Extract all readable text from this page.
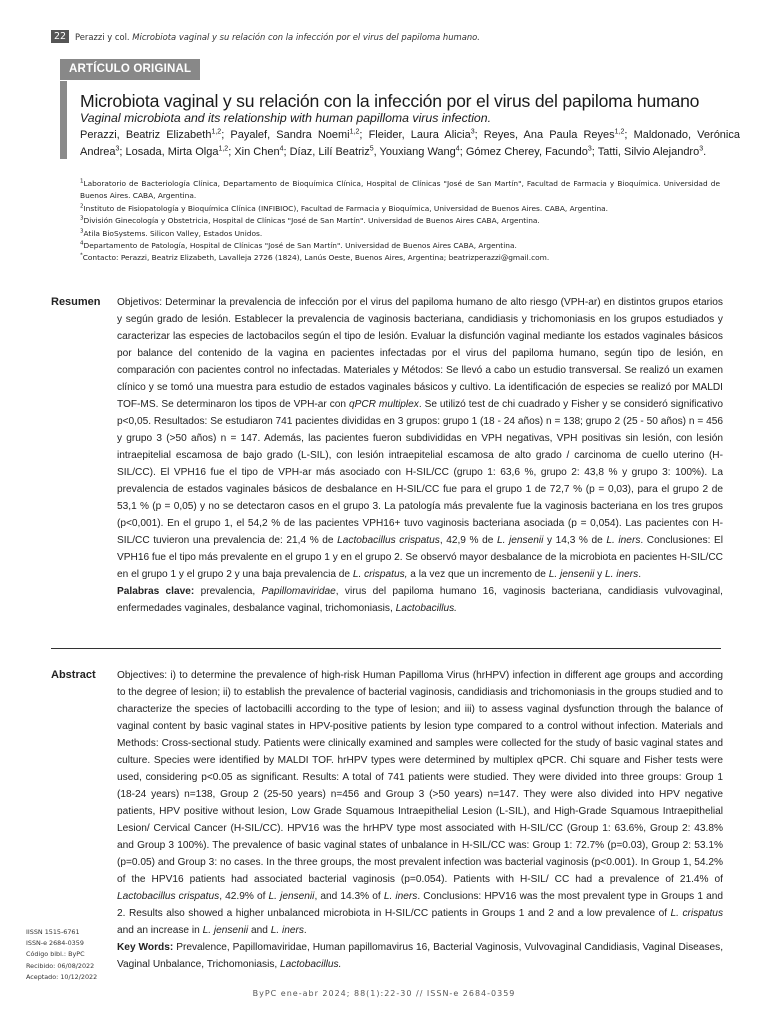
22	Perazzi y col. Microbiota vaginal y su relación con la infección por el virus del papiloma humano.
ARTÍCULO ORIGINAL
Microbiota vaginal y su relación con la infección por el virus del papiloma humano
Vaginal microbiota and its relationship with human papilloma virus infection.
Perazzi, Beatriz Elizabeth$^{1,2}$; Payalef, Sandra Noemi$^{1,2}$; Fleider, Laura Alicia$^3$; Reyes, Ana Paula Reyes$^{1,2}$; Maldonado, Verónica Andrea$^3$; Losada, Mirta Olga$^{1,2}$; Xin Chen$^4$; Díaz, Lilí Beatriz$^5$, Youxiang Wang$^4$; Gómez Cherey, Facundo$^3$; Tatti, Silvio Alejandro$^3$.
$^1$Laboratorio de Bacteriología Clínica, Departamento de Bioquímica Clínica, Hospital de Clínicas "José de San Martín", Facultad de Farmacia y Bioquímica. Universidad de Buenos Aires. CABA, Argentina.
$^2$Instituto de Fisiopatología y Bioquímica Clínica (INFIBIOC), Facultad de Farmacia y Bioquímica, Universidad de Buenos Aires. CABA, Argentina.
$^3$División Ginecología y Obstetricia, Hospital de Clínicas "José de San Martín". Universidad de Buenos Aires CABA, Argentina.
$^3$Atila BioSystems. Silicon Valley, Estados Unidos.
$^4$Departamento de Patología, Hospital de Clínicas "José de San Martín". Universidad de Buenos Aires CABA, Argentina.
*Contacto: Perazzi, Beatriz Elizabeth, Lavalleja 2726 (1824), Lanús Oeste, Buenos Aires, Argentina; beatrizperazzi@gmail.com.
Resumen Objetivos: Determinar la prevalencia de infección por el virus del papiloma humano de alto riesgo (VPH-ar) en distintos grupos etarios y según grado de lesión. Establecer la prevalencia de vaginosis bacteriana, candidiasis y trichomoniasis en los grupos estudiados y caracterizar las especies de lactobacilos según el tipo de lesión. Evaluar la disfunción vaginal mediante los estados vaginales básicos por balance del contenido de la vagina en pacientes infectadas por el virus del papiloma humano, según tipo de lesión, en comparación con pacientes control no infectadas. Materiales y Métodos: Se llevó a cabo un estudio transversal. Se realizó un examen clínico y se tomó una muestra para estudio de estados vaginales básicos y cultivo. La identificación de especies se realizó por MALDI TOF-MS. Se determinaron los tipos de VPH-ar con qPCR multiplex. Se utilizó test de chi cuadrado y Fisher y se consideró significativo p<0,05. Resultados: Se estudiaron 741 pacientes divididas en 3 grupos: grupo 1 (18 - 24 años) n = 138; grupo 2 (25 - 50 años) n = 456 y grupo 3 (>50 años) n = 147. Además, las pacientes fueron subdivididas en VPH negativas, VPH positivas sin lesión, con lesión intraepitelial escamosa de bajo grado (L-SIL), con lesión intraepitelial escamosa de alto grado / carcinoma de cuello uterino (H-SIL/CC). El VPH16 fue el tipo de VPH-ar más asociado con H-SIL/CC (grupo 1: 63,6 %, grupo 2: 43,8 % y grupo 3: 100%). La prevalencia de estados vaginales básicos de desbalance en H-SIL/CC fue para el grupo 1 de 72,7 % (p = 0,03), para el grupo 2 de 53,1 % (p = 0,05) y no se detectaron casos en el grupo 3. La patología más prevalente fue la vaginosis bacteriana en los tres grupos (p<0,001). En el grupo 1, el 54,2 % de las pacientes VPH16+ tuvo vaginosis bacteriana asociada (p = 0,054). Las pacientes con H-SIL/CC tuvieron una prevalencia de: 21,4 % de Lactobacillus crispatus, 42,9 % de L. jensenii y 14,3 % de L. iners. Conclusiones: El VPH16 fue el tipo más prevalente en el grupo 1 y en el grupo 2. Se observó mayor desbalance de la microbiota en pacientes H-SIL/CC en el grupo 1 y el grupo 2 y una baja prevalencia de L. crispatus, a la vez que un incremento de L. jensenii y L. iners.
Palabras clave: prevalencia, Papillomaviridae, virus del papiloma humano 16, vaginosis bacteriana, candidiasis vulvovaginal, enfermedades vaginales, desbalance vaginal, trichomoniasis, Lactobacillus.
Abstract Objectives: i) to determine the prevalence of high-risk Human Papilloma Virus (hrHPV) infection in different age groups and according to the degree of lesion; ii) to establish the prevalence of bacterial vaginosis, candidiasis and trichomoniasis in the groups studied and to characterize the species of lactobacilli according to the type of lesion; and iii) to assess vaginal dysfunction through the balance of vaginal content by basic vaginal states in HPV-positive patients by lesion type compared to a control without infection. Materials and Methods: Cross-sectional study. Patients were clinically examined and samples were collected for the study of basic vaginal states and culture. Species were identified by MALDI TOF. hrHPV types were determined by multiplex qPCR. Chi square and Fisher tests were used, considering p<0.05 as significant. Results: A total of 741 patients were studied. They were divided into three groups: Group 1 (18-24 years) n=138, Group 2 (25-50 years) n=456 and Group 3 (>50 years) n=147. They were also divided into HPV negative patients, HPV positive without lesion, Low Grade Squamous Intraepithelial Lesion (L-SIL), and High-Grade Squamous Intraepithelial Lesion/ Cervical Cancer (H-SIL/CC). HPV16 was the hrHPV type most associated with H-SIL/CC (Group 1: 63.6%, Group 2: 43.8% and Group 3 100%). The prevalence of basic vaginal states of unbalance in H-SIL/CC was: Group 1: 72.7% (p=0.03), Group 2: 53.1% (p=0.05) and Group 3: no cases. In the three groups, the most prevalent infection was bacterial vaginosis (p<0.001). In Group 1, 54.2% of the HPV16 patients had associated bacterial vaginosis (p=0.054). Patients with H-SIL/ CC had a prevalence of 21.4% of Lactobacillus crispatus, 42.9% of L. jensenii, and 14.3% of L. iners. Conclusions: HPV16 was the most prevalent type in Groups 1 and 2. Results also showed a higher unbalanced microbiota in H-SIL/CC patients in Groups 1 and 2 and a low prevalence of L. crispatus and an increase in L. jensenii and L. iners.
Key Words: Prevalence, Papillomaviridae, Human papillomavirus 16, Bacterial Vaginosis, Vulvovaginal Candidiasis, Vaginal Diseases, Vaginal Unbalance, Trichomoniasis, Lactobacillus.
IISSN 1515-6761
ISSN-e 2684-0359
Código bibl.: ByPC
Recibido: 06/08/2022
Aceptado: 10/12/2022
ByPC ene-abr 2024; 88(1):22-30 // ISSN-e 2684-0359
